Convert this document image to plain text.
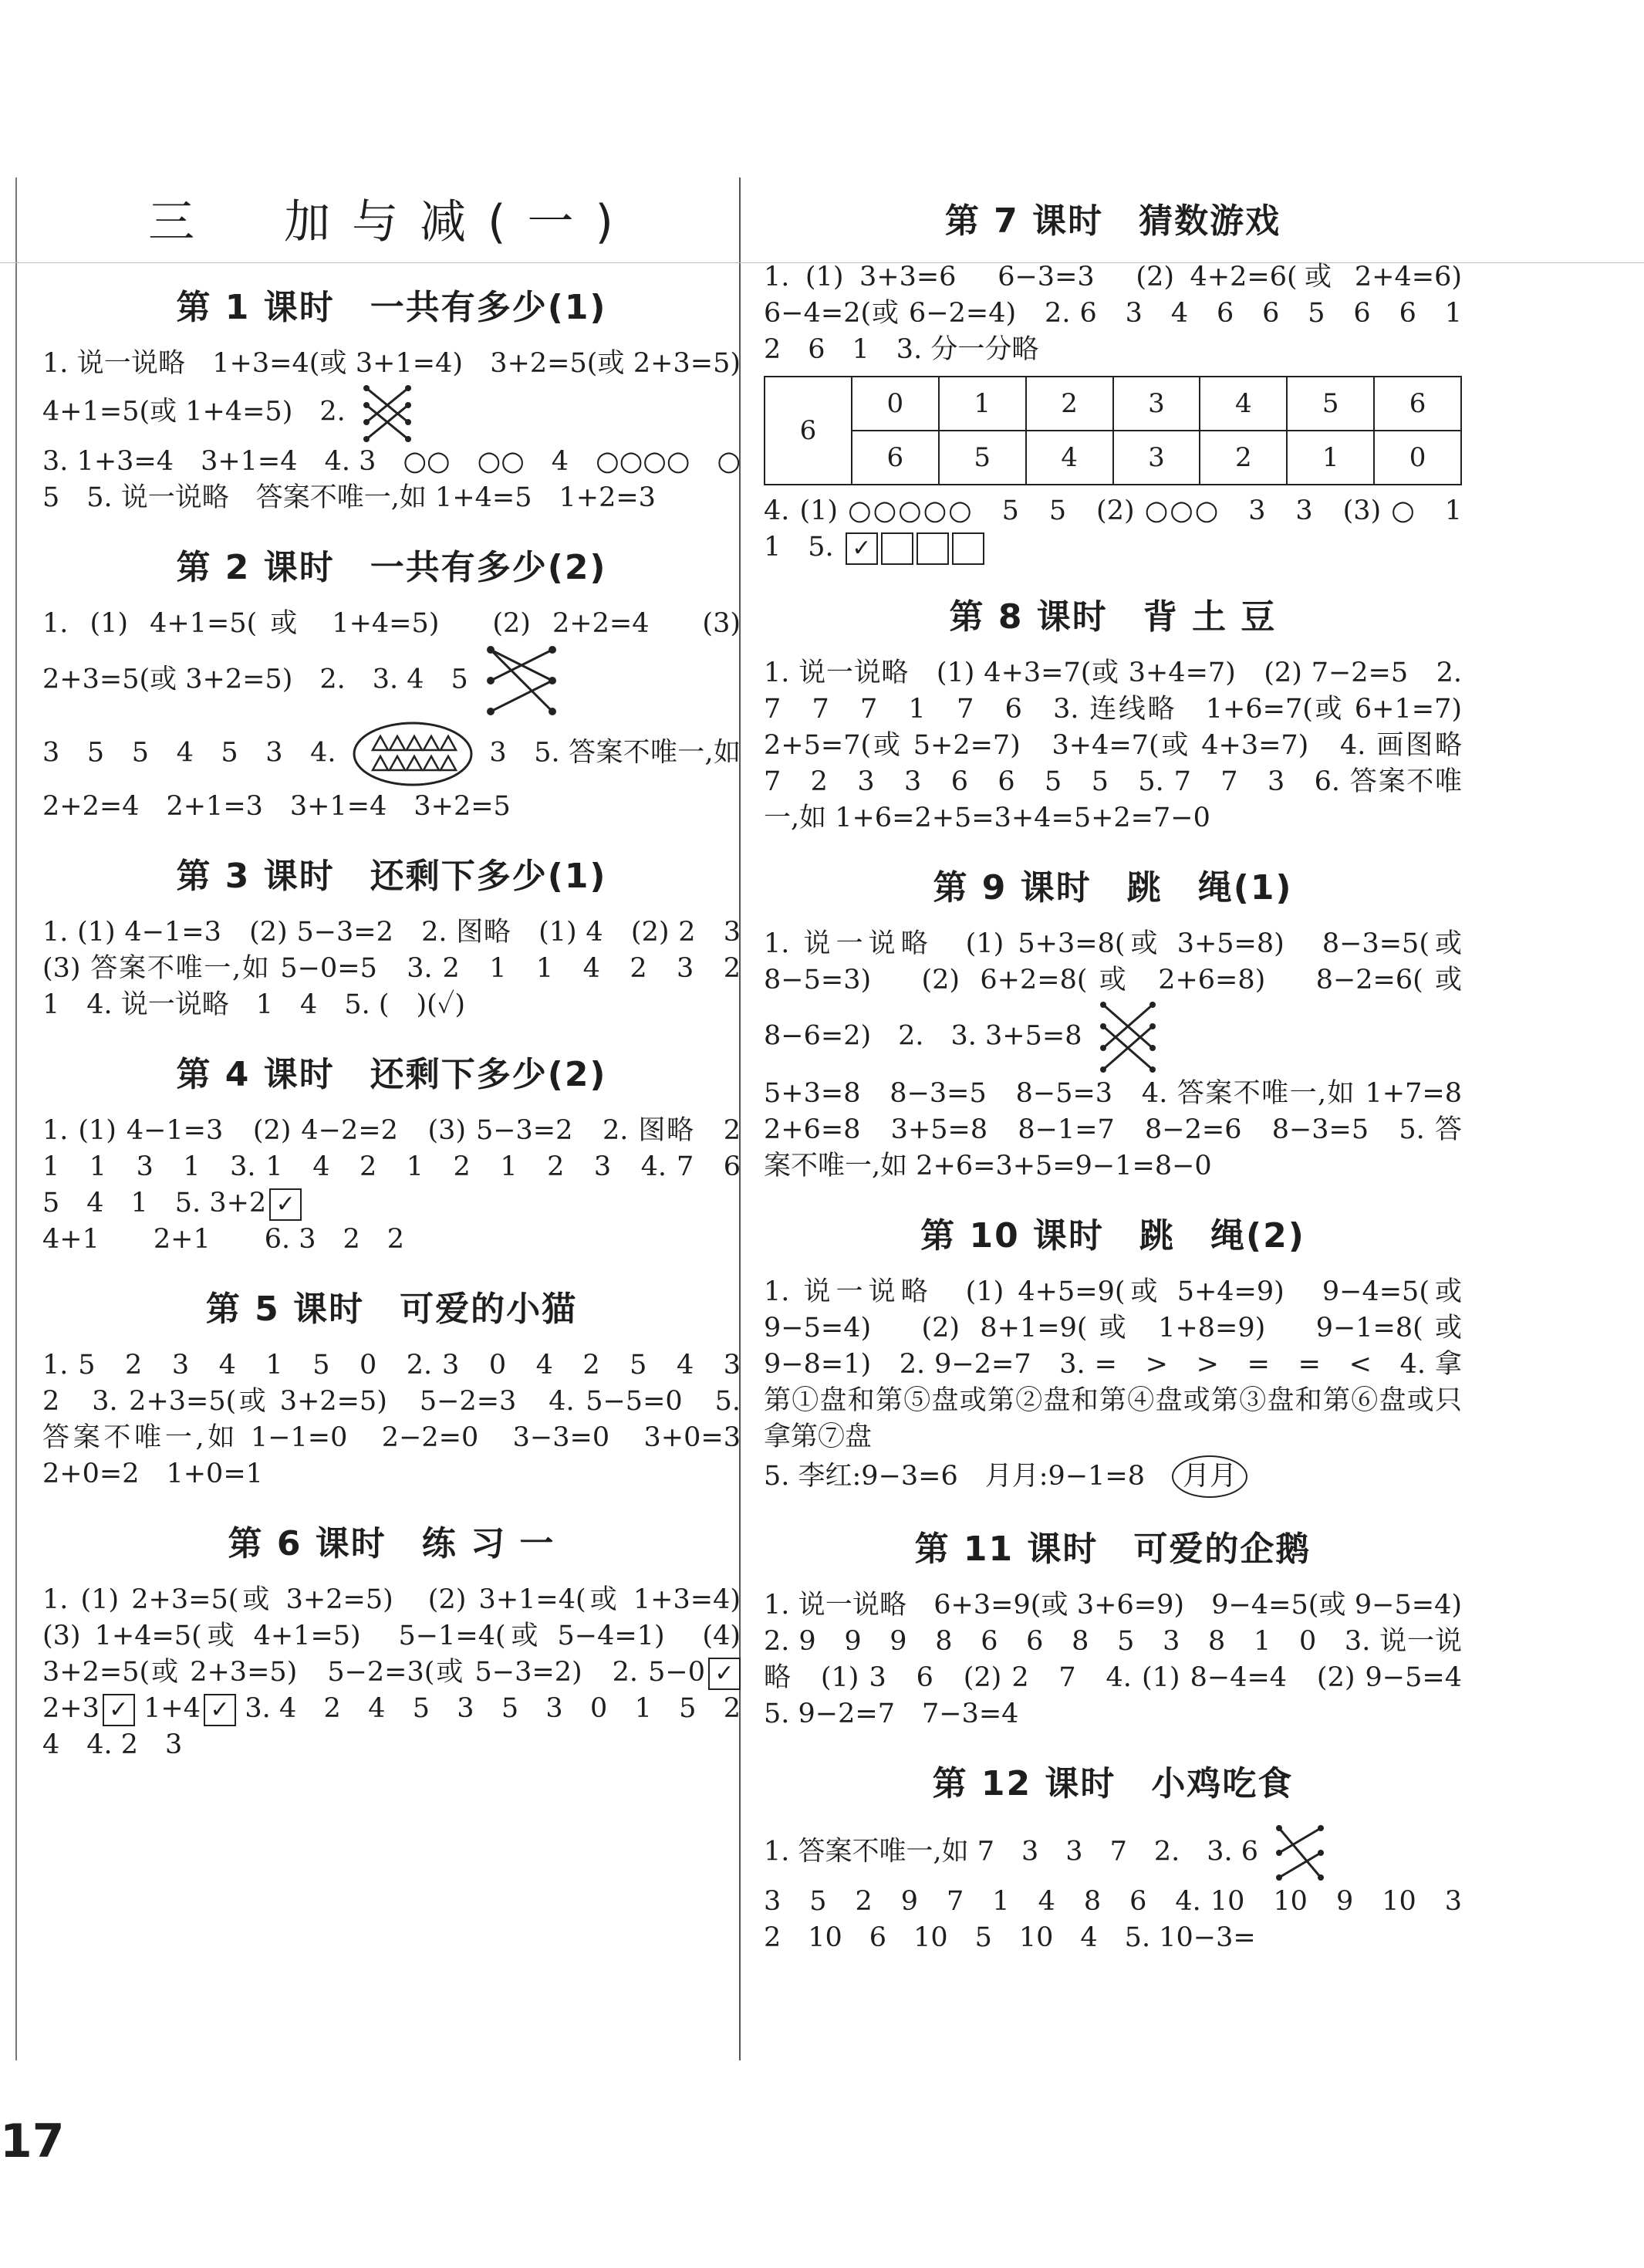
三　加与减(一)
第 1 课时　一共有多少(1)

1. 说一说略　1+3=4(或 3+1=4)　3+2=5(或 2+3=5)　4+1=5(或 1+4=5)　2.

3. 1+3=4　3+1=4　4. 3　○○　○○　4　○○○○　○　5　5. 说一说略　答案不唯一,如 1+4=5　1+2=3

第 2 课时　一共有多少(2)

1. (1) 4+1=5(或 1+4=5)　(2) 2+2=4　(3) 2+3=5(或 3+2=5)　2.　3. 4　5

3　5　5　4　5　3　4.	3　5. 答案不唯一,如 2+2=4　2+1=3　3+1=4　3+2=5

第 3 课时　还剩下多少(1)

1. (1) 4−1=3　(2) 5−3=2　2. 图略　(1) 4　(2) 2　3　(3) 答案不唯一,如 5−0=5　3. 2　1　1　4　2　3　2　1　4. 说一说略　1　4　5. (　)(✓)

第 4 课时　还剩下多少(2)

1. (1) 4−1=3　(2) 4−2=2　(3) 5−3=2　2. 图略　2　1　1　3　1　3. 1　4　2　1　2　1　2　3　4. 7　6　5　4　1　5. 3+2 ✓

4+1　　2+1　　6. 3　2　2

第 5 课时　可爱的小猫

1. 5　2　3　4　1　5　0　2. 3　0　4　2　5　4　3　2　3. 2+3=5(或 3+2=5)　5−2=3　4. 5−5=0　5. 答案不唯一,如 1−1=0　2−2=0　3−3=0　3+0=3　2+0=2　1+0=1

第 6 课时　练 习 一

1. (1) 2+3=5(或 3+2=5)　(2) 3+1=4(或 1+3=4)　(3) 1+4=5(或 4+1=5)　5−1=4(或 5−4=1)　(4) 3+2=5(或 2+3=5)　5−2=3(或 5−3=2)　2. 5−0 ✓ 　2+3 ✓ 1+4 ✓ 3. 4　2　4　5　3　5　3　0　1　5　2　4　4. 2　3

第 7 课时　猜数游戏

1. (1) 3+3=6　6−3=3　(2) 4+2=6(或 2+4=6)　6−4=2(或 6−2=4)　2. 6　3　4　6　6　5　6　6　1　2　6　1　3. 分一分略

6	0	1	2	3	4	5	6
	6	5	4	3	2	1	0

4. (1) ○○○○○　5　5　(2) ○○○　3　3　(3) ○　1　1　5. ✓

第 8 课时　背 土 豆

1. 说一说略　(1) 4+3=7(或 3+4=7)　(2) 7−2=5　2. 7　7　7　1　7　6　3. 连线略　1+6=7(或 6+1=7)　2+5=7(或 5+2=7)　3+4=7(或 4+3=7)　4. 画图略　7　2　3　3　6　6　5　5　5. 7　7　3　6. 答案不唯一,如 1+6=2+5=3+4=5+2=7−0

第 9 课时　跳　绳(1)

1. 说一说略　(1) 5+3=8(或 3+5=8)　8−3=5(或 8−5=3)　(2) 6+2=8(或 2+6=8)　8−2=6(或 8−6=2)　2.　3. 3+5=8

5+3=8　8−3=5　8−5=3　4. 答案不唯一,如 1+7=8　2+6=8　3+5=8　8−1=7　8−2=6　8−3=5　5. 答案不唯一,如 2+6=3+5=9−1=8−0

第 10 课时　跳　绳(2)

1. 说一说略　(1) 4+5=9(或 5+4=9)　9−4=5(或 9−5=4)　(2) 8+1=9(或 1+8=9)　9−1=8(或 9−8=1)　2. 9−2=7　3. =　>　>　=　=　<　4. 拿第①盘和第⑤盘或第②盘和第④盘或第③盘和第⑥盘或只拿第⑦盘

5. 李红:9−3=6　月月:9−1=8　月月

第 11 课时　可爱的企鹅

1. 说一说略　6+3=9(或 3+6=9)　9−4=5(或 9−5=4)　2. 9　9　9　8　6　6　8　5　3　8　1　0　3. 说一说略　(1) 3　6　(2) 2　7　4. (1) 8−4=4　(2) 9−5=4　5. 9−2=7　7−3=4

第 12 课时　小鸡吃食

1. 答案不唯一,如 7　3　3　7　2.　3. 6

3　5　2　9　7　1　4　8　6　4. 10　10　9　10　3　2　10　6　10　5　10　4　5. 10−3=

17
